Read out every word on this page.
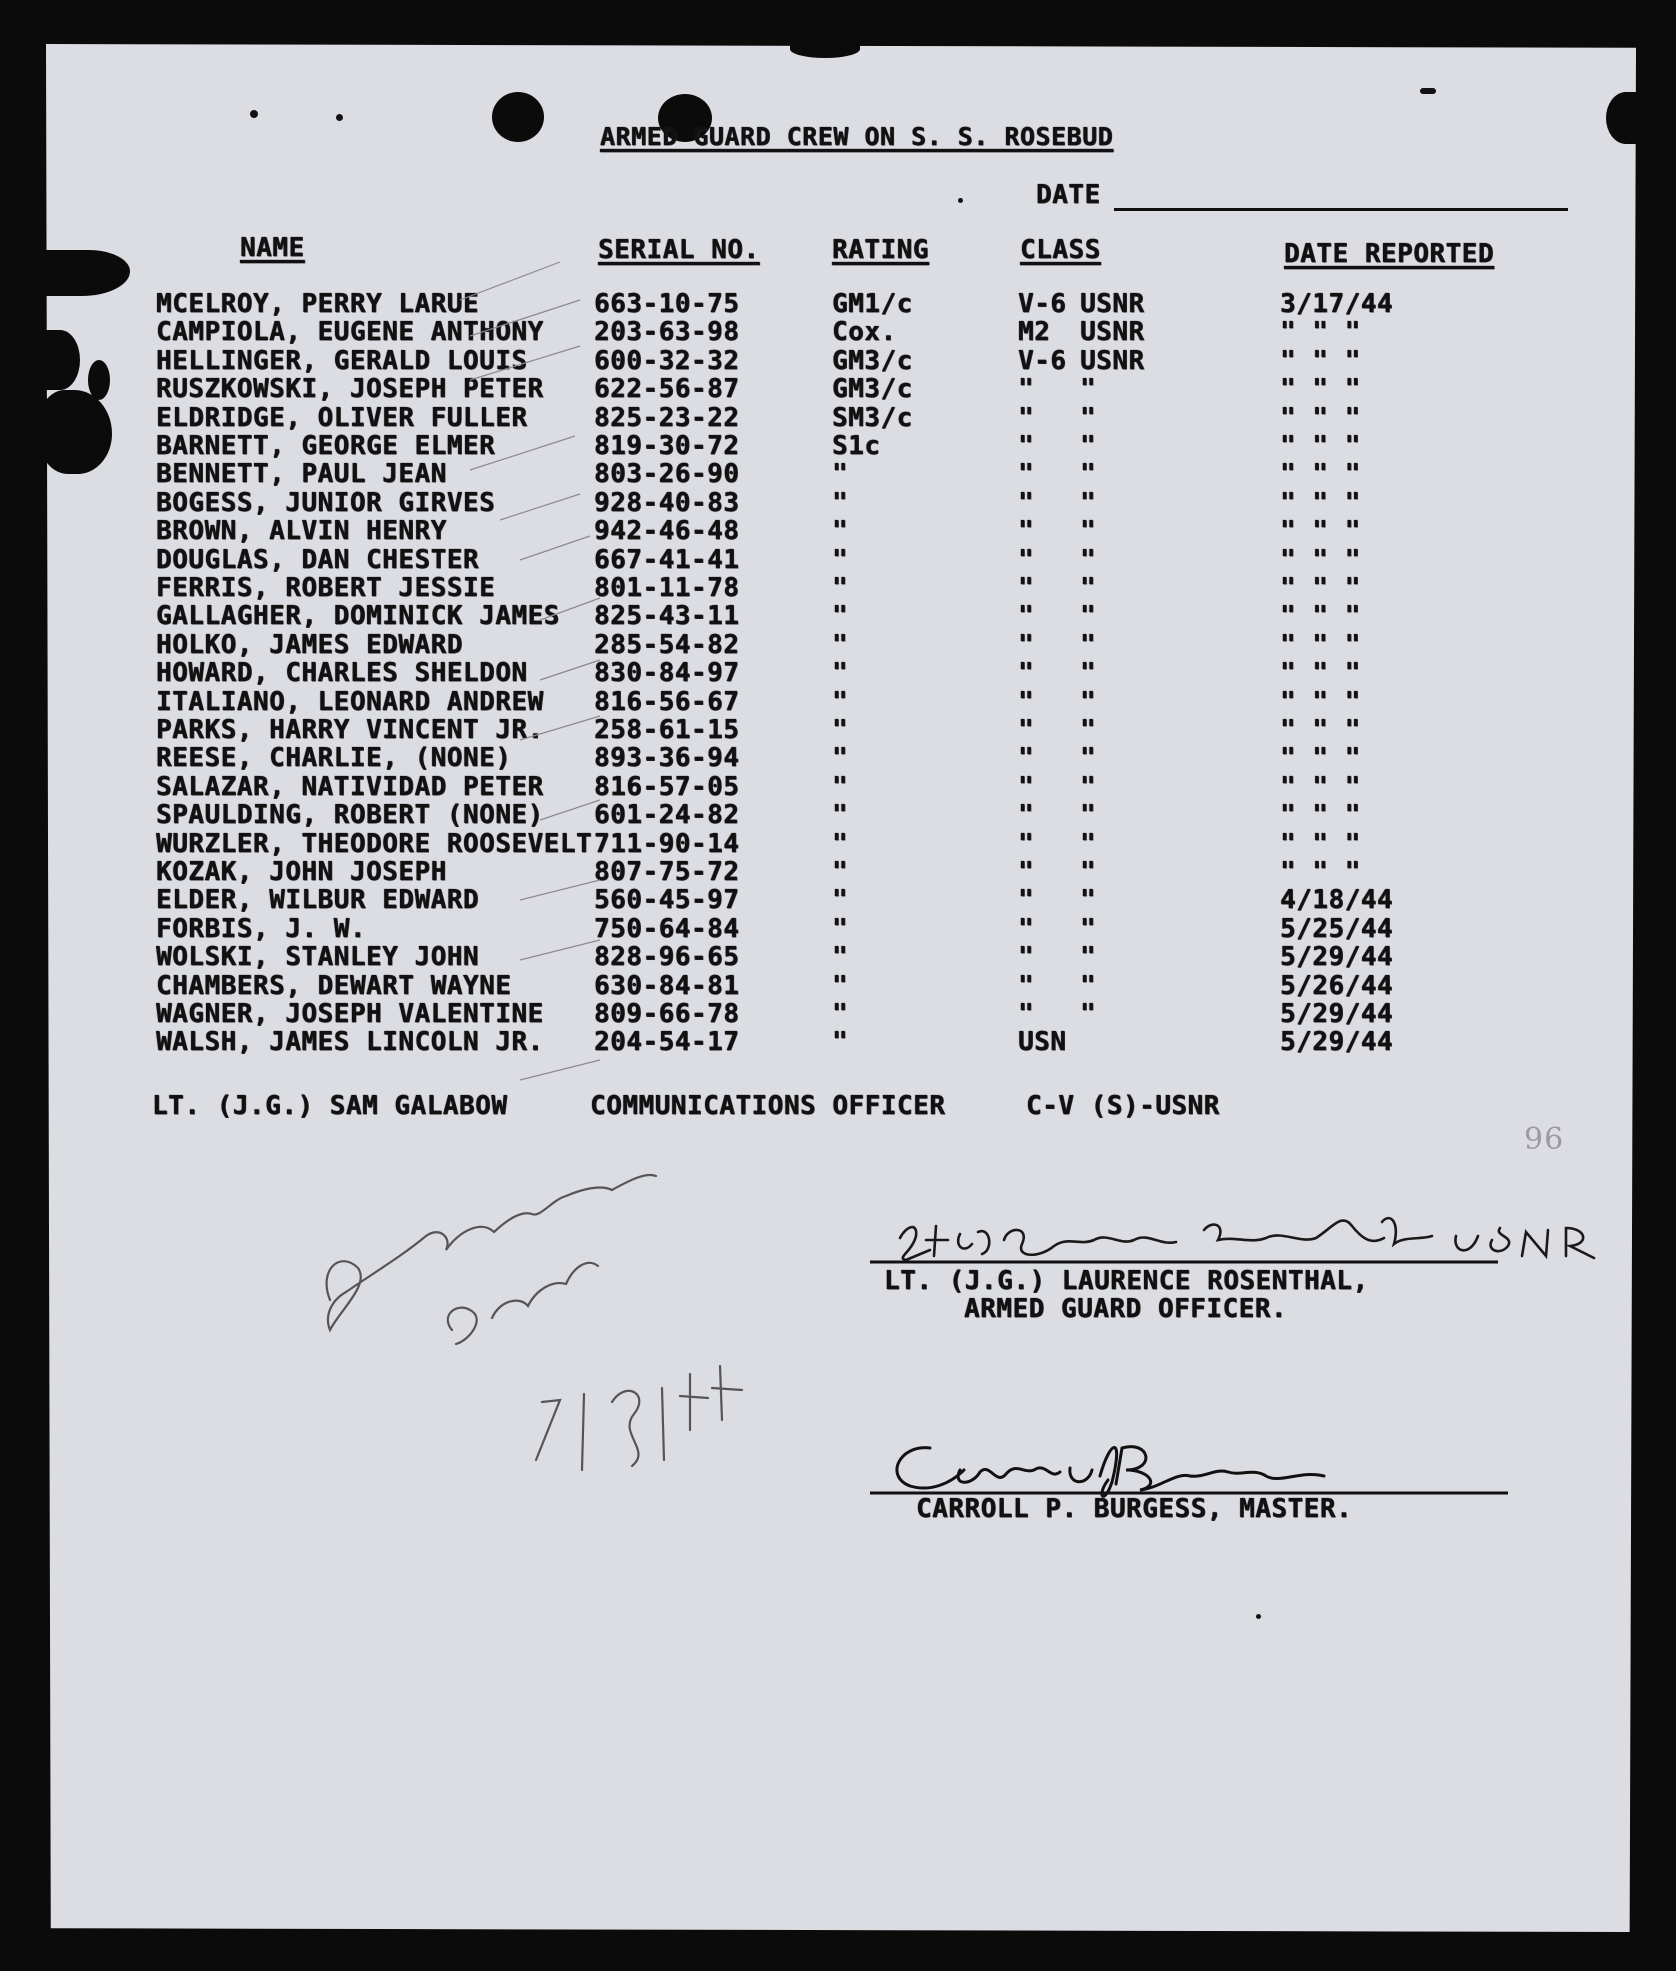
ARMED GUARD CREW ON S. S. ROSEBUD
DATE
NAME	SERIAL NO.	RATING	CLASS	DATE REPORTED
MCELROY, PERRY LARUE	663-10-75	GM1/c	V-6 USNR	3/17/44
CAMPIOLA, EUGENE ANTHONY 203-63-98	Cox.	M2 USNR	" " "
HELLINGER, GERALD LOUIS	600-32-32	GM3/c	V-6 USNR	" " "
RUSZKOWSKI, JOSEPH PETER 622-56-87	GM3/c	" "	" " "
ELDRIDGE, OLIVER FULLER	825-23-22	SM3/c	" "	" " "
BARNETT, GEORGE ELMER	819-30-72	S1c	" "	" " "
BENNETT, PAUL JEAN	803-26-90	"	" "	" " "
BOGESS, JUNIOR GIRVES	928-40-83	"	" "	" " "
BROWN, ALVIN HENRY	942-46-48	"	" "	" " "
DOUGLAS, DAN CHESTER	667-41-41	"	" "	" " "
FERRIS, ROBERT JESSIE	801-11-78	"	" "	" " "
GALLAGHER, DOMINICK JAMES 825-43-11	"	" "	" " "
HOLKO, JAMES EDWARD	285-54-82	"	" "	" " "
HOWARD, CHARLES SHELDON	830-84-97	"	" "	" " "
ITALIANO, LEONARD ANDREW 816-56-67	"	" "	" " "
PARKS, HARRY VINCENT JR. 258-61-15	"	" "	" " "
REESE, CHARLIE, (NONE)	893-36-94	"	" "	" " "
SALAZAR, NATIVIDAD PETER 816-57-05	"	" "	" " "
SPAULDING, ROBERT (NONE) 601-24-82	"	" "	" " "
WURZLER, THEODORE ROOSEVELT 711-90-14	"	" "	" " "
KOZAK, JOHN JOSEPH	807-75-72	"	" "	" " "
ELDER, WILBUR EDWARD	560-45-97	"	" "	4/18/44
FORBIS, J. W.	750-64-84	"	" "	5/25/44
WOLSKI, STANLEY JOHN	828-96-65	"	" "	5/29/44
CHAMBERS, DEWART WAYNE	630-84-81	"	" "	5/26/44
WAGNER, JOSEPH VALENTINE 809-66-78	"	" "	5/29/44
WALSH, JAMES LINCOLN JR. 204-54-17	"	USN	5/29/44
LT. (J.G.) SAM GALABOW	COMMUNICATIONS OFFICER	C-V (S)-USNR
96
LT. (J.G.) LAURENCE ROSENTHAL,
ARMED GUARD OFFICER.
CARROLL P. BURGESS, MASTER.
